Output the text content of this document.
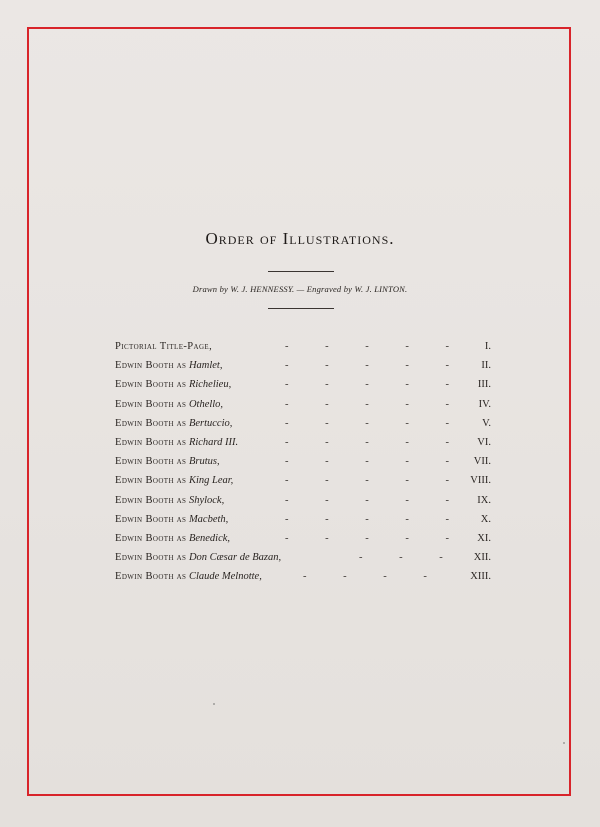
Order of Illustrations.
Drawn by W. J. HENNESSY. — Engraved by W. J. LINTON.
Pictorial Title-Page,	- - - - - I.
Edwin Booth as Hamlet,	- - - - - II.
Edwin Booth as Richelieu,	- - - - - III.
Edwin Booth as Othello,	- - - - - IV.
Edwin Booth as Bertuccio,	- - - - - V.
Edwin Booth as Richard III.	- - - - - VI.
Edwin Booth as Brutus,	- - - - - VII.
Edwin Booth as King Lear,	- - - - - VIII.
Edwin Booth as Shylock,	- - - - - IX.
Edwin Booth as Macbeth,	- - - - - X.
Edwin Booth as Benedick,	- - - - - XI.
Edwin Booth as Don Cæsar de Bazan,	- - - XII.
Edwin Booth as Claude Melnotte,	- - - -	XIII.
